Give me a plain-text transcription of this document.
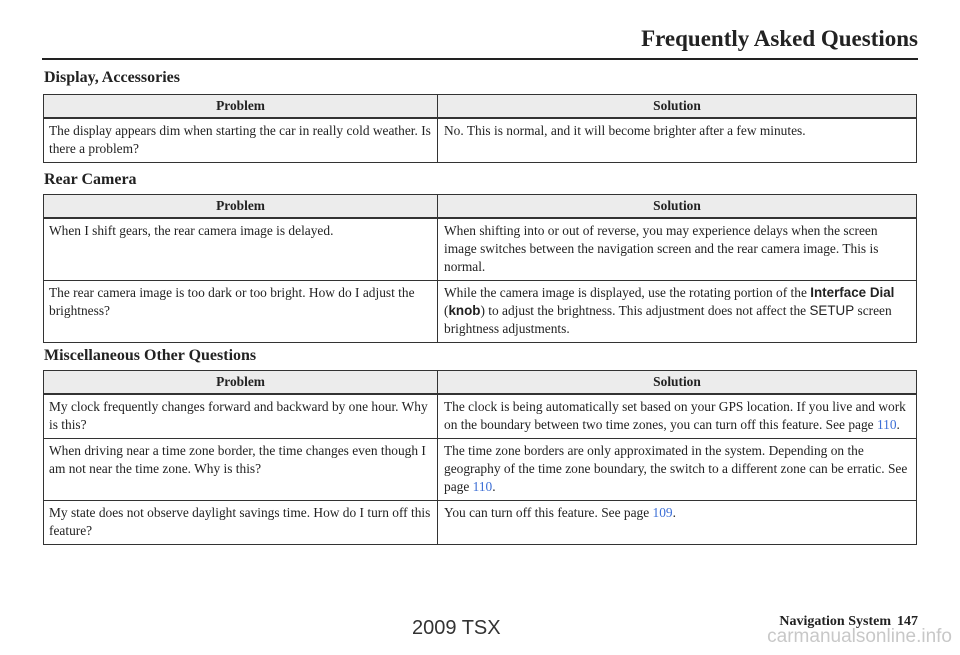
Frequently Asked Questions
Display, Accessories
Problem	Solution
The display appears dim when starting the car in really cold weather. Is there a problem?	No. This is normal, and it will become brighter after a few minutes.
Rear Camera
Problem	Solution
When I shift gears, the rear camera image is delayed.	When shifting into or out of reverse, you may experience delays when the screen image switches between the navigation screen and the rear camera image. This is normal.
The rear camera image is too dark or too bright. How do I adjust the brightness?	While the camera image is displayed, use the rotating portion of the Interface Dial (knob) to adjust the brightness. This adjustment does not affect the SETUP screen brightness adjustments.
Miscellaneous Other Questions
Problem	Solution
My clock frequently changes forward and backward by one hour. Why is this?	The clock is being automatically set based on your GPS location. If you live and work on the boundary between two time zones, you can turn off this feature. See page 110.
When driving near a time zone border, the time changes even though I am not near the time zone. Why is this?	The time zone borders are only approximated in the system. Depending on the geography of the time zone boundary, the switch to a different zone can be erratic. See page 110.
My state does not observe daylight savings time. How do I turn off this feature?	You can turn off this feature. See page 109.
Navigation System 147
2009 TSX	carmanualsonline.info
